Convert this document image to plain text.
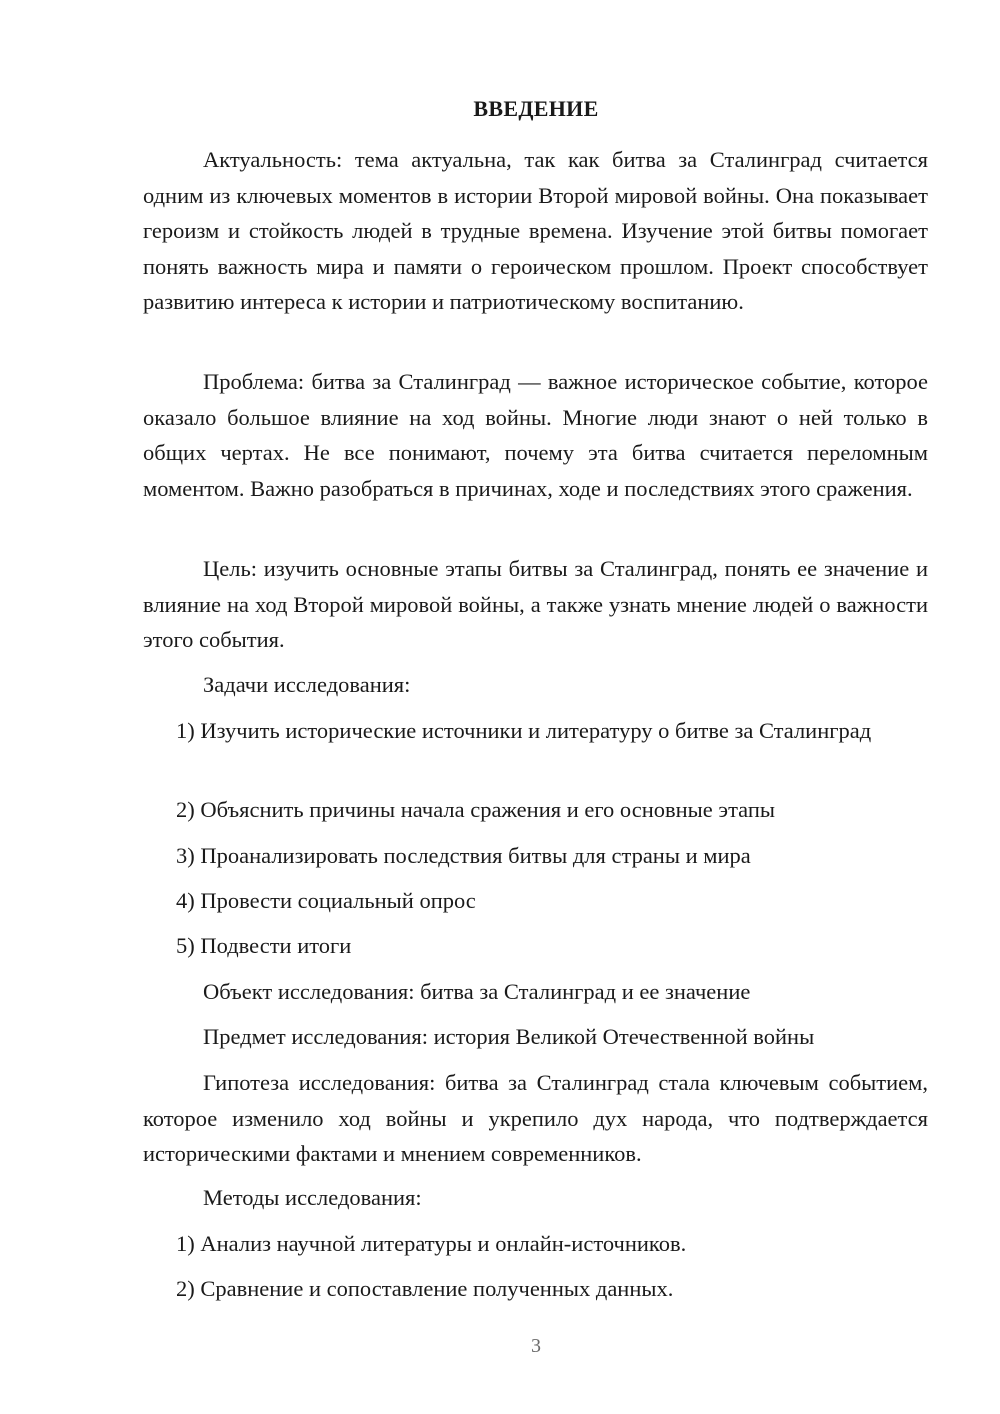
ВВЕДЕНИЕ

Актуальность: тема актуальна, так как битва за Сталинград считается одним из ключевых моментов в истории Второй мировой войны. Она показывает героизм и стойкость людей в трудные времена. Изучение этой битвы помогает понять важность мира и памяти о героическом прошлом. Проект способствует развитию интереса к истории и патриотическому воспитанию.

Проблема: битва за Сталинград — важное историческое событие, которое оказало большое влияние на ход войны. Многие люди знают о ней только в общих чертах. Не все понимают, почему эта битва считается переломным моментом. Важно разобраться в причинах, ходе и последствиях этого сражения.

Цель: изучить основные этапы битвы за Сталинград, понять ее значение и влияние на ход Второй мировой войны, а также узнать мнение людей о важности этого события.

Задачи исследования:

1) Изучить исторические источники и литературу о битве за Сталинград

2) Объяснить причины начала сражения и его основные этапы
3) Проанализировать последствия битвы для страны и мира
4) Провести социальный опрос
5) Подвести итоги
Объект исследования: битва за Сталинград и ее значение
Предмет исследования: история Великой Отечественной войны

Гипотеза исследования: битва за Сталинград стала ключевым событием, которое изменило ход войны и укрепило дух народа, что подтверждается историческими фактами и мнением современников.

Методы исследования:
1) Анализ научной литературы и онлайн-источников.
2) Сравнение и сопоставление полученных данных.
3
